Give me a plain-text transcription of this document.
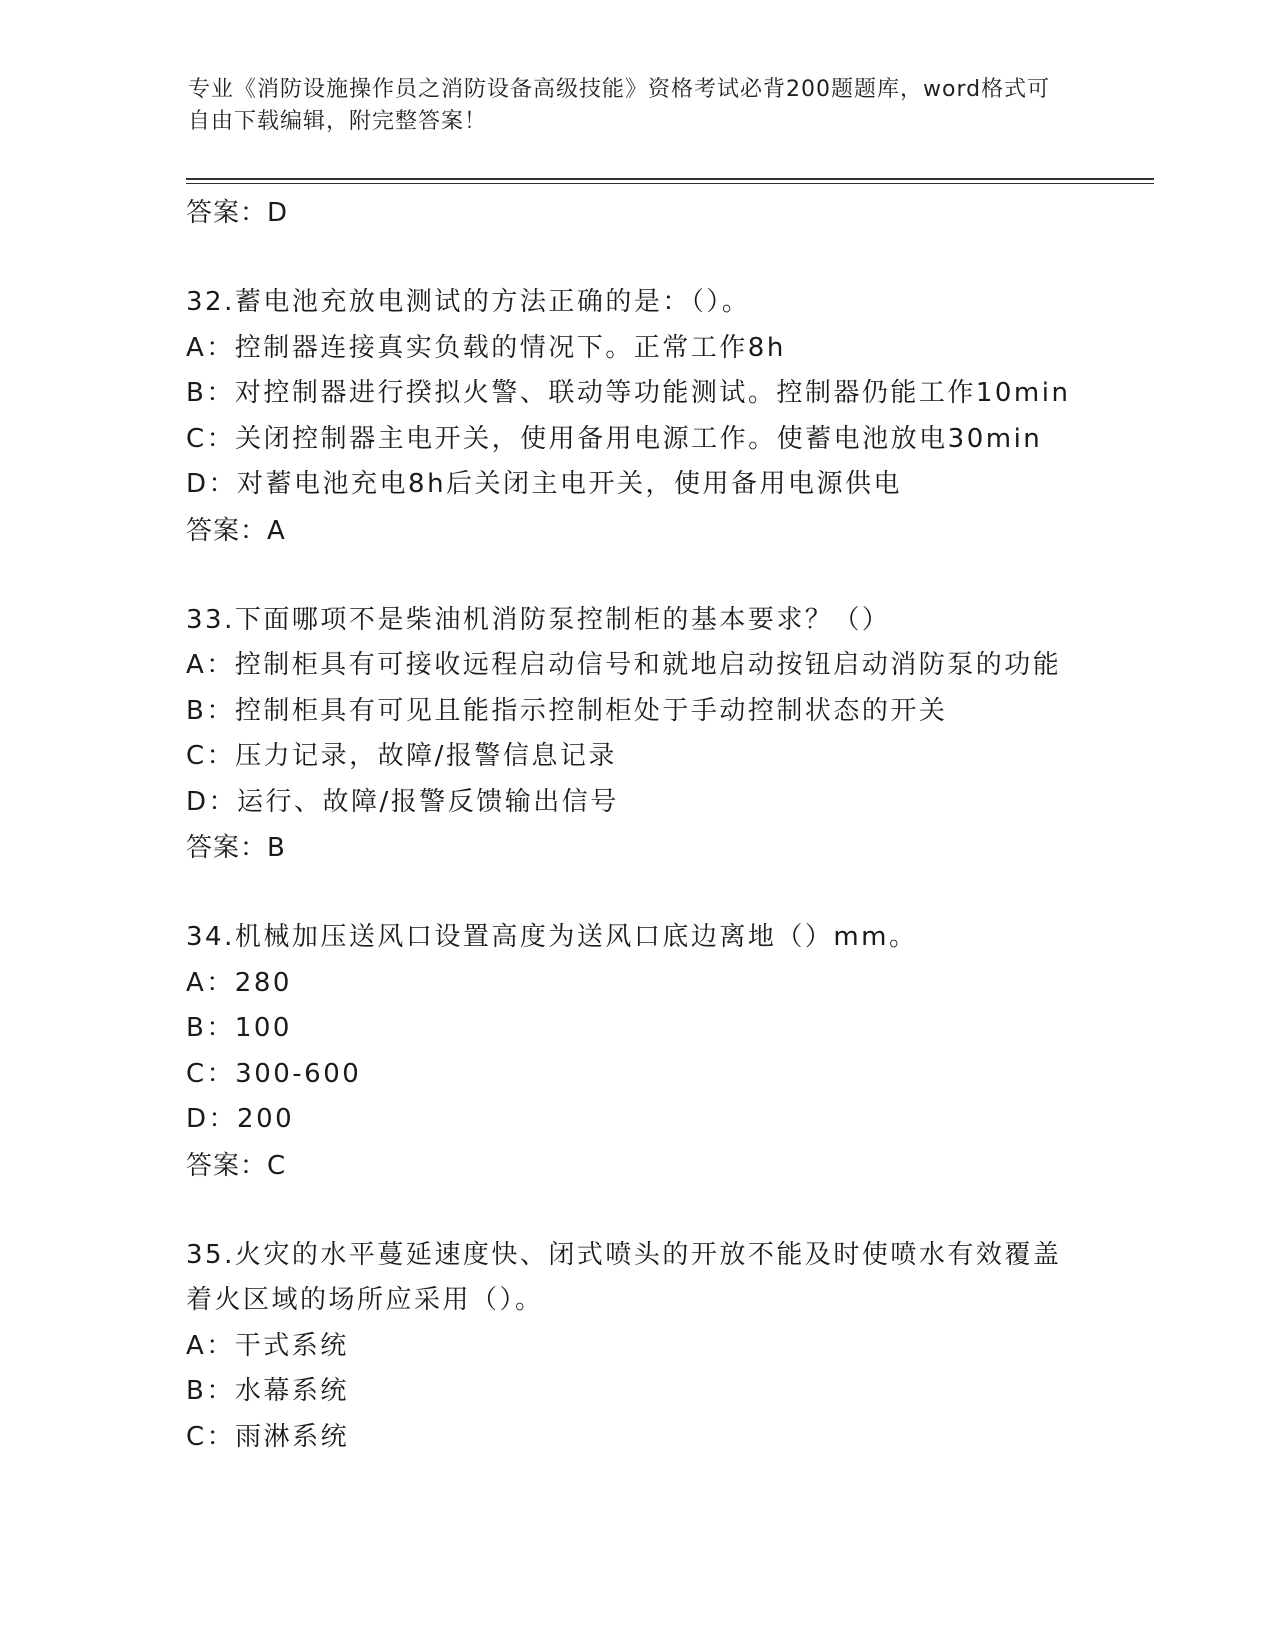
专业《消防设施操作员之消防设备高级技能》资格考试必背200题题库，word格式可自由下载编辑，附完整答案！
答案：D
32.蓄电池充放电测试的方法正确的是：（）。
A：控制器连接真实负载的情况下。正常工作8h
B：对控制器进行揆拟火警、联动等功能测试。控制器仍能工作10min
C：关闭控制器主电开关，使用备用电源工作。使蓄电池放电30min
D：对蓄电池充电8h后关闭主电开关，使用备用电源供电
答案：A
33.下面哪项不是柴油机消防泵控制柜的基本要求？（）
A：控制柜具有可接收远程启动信号和就地启动按钮启动消防泵的功能
B：控制柜具有可见且能指示控制柜处于手动控制状态的开关
C：压力记录，故障/报警信息记录
D：运行、故障/报警反馈输出信号
答案：B
34.机械加压送风口设置高度为送风口底边离地（）mm。
A：280
B：100
C：300-600
D：200
答案：C
35.火灾的水平蔓延速度快、闭式喷头的开放不能及时使喷水有效覆盖着火区域的场所应采用（）。
A：干式系统
B：水幕系统
C：雨淋系统
